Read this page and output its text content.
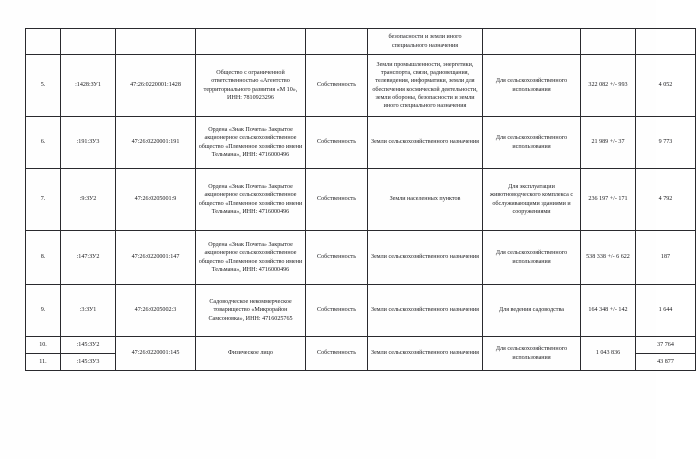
					безопасности и земли иного специального назначения			
5.	:1428:ЗУ1	47:26:0220001:1428	Общество с ограниченной ответственностью «Агентство территориального развития «М 10», ИНН: 7810923296	Собственность	Земли промышленности, энергетики, транспорта, связи, радиовещания, телевидения, информатики, земли для обеспечения космической деятельности, земли обороны, безопасности и земли иного специального назначения	Для сельскохозяйственного использования	322 082 +/- 993	4 052
6.	:191:ЗУ3	47:26:0220001:191	Ордена «Знак Почета» Закрытое акционерное сельскохозяйственное общество «Племенное хозяйство имени Тельмана», ИНН: 4716000496	Собственность	Земли сельскохозяйственного назначения	Для сельскохозяйственного использования	21 989 +/- 37	9 773
7.	:9:ЗУ2	47:26:0205001:9	Ордена «Знак Почета» Закрытое акционерное сельскохозяйственное общество «Племенное хозяйство имени Тельмана», ИНН: 4716000496	Собственность	Земли населенных пунктов	Для эксплуатации животноводческого комплекса с обслуживающими зданиями и сооружениями	236 197 +/- 171	4 792
8.	:147:ЗУ2	47:26:0220001:147	Ордена «Знак Почета» Закрытое акционерное сельскохозяйственное общество «Племенное хозяйство имени Тельмана», ИНН: 4716000496	Собственность	Земли сельскохозяйственного назначения	Для сельскохозяйственного использования	538 338 +/- 6 622	187
9.	:3:ЗУ1	47:26:0205002:3	Садоводческое некоммерческое товарищество «Микрорайон Самсоновка», ИНН: 4716025765	Собственность	Земли сельскохозяйственного назначения	Для ведения садоводства	164 348 +/- 142	1 644
10.	:145:ЗУ2	47:26:0220001:145	Физическое лицо	Собственность	Земли сельскохозяйственного назначения	Для сельскохозяйственного использования	1 043 836	37 764
11.	:145:ЗУ3							43 877
